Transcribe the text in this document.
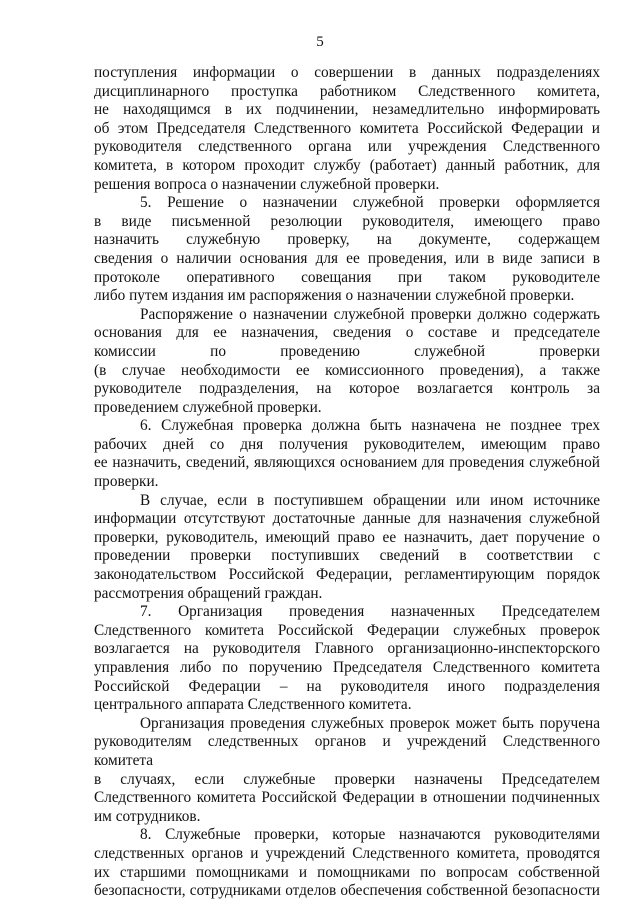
5

поступления информации о совершении в данных подразделениях
дисциплинарного проступка работником Следственного комитета,
не находящимся в их подчинении, незамедлительно информировать
об этом Председателя Следственного комитета Российской Федерации и
руководителя следственного органа или учреждения Следственного
комитета, в котором проходит службу (работает) данный работник, для
решения вопроса о назначении служебной проверки.

5. Решение о назначении служебной проверки оформляется
в виде письменной резолюции руководителя, имеющего право
назначить служебную проверку, на документе, содержащем
сведения о наличии основания для ее проведения, или в виде записи в
протоколе оперативного совещания при таком руководителе
либо путем издания им распоряжения о назначении служебной проверки.

Распоряжение о назначении служебной проверки должно содержать
основания для ее назначения, сведения о составе и председателе
комиссии по проведению служебной проверки
(в случае необходимости ее комиссионного проведения), а также
руководителе подразделения, на которое возлагается контроль за
проведением служебной проверки.

6. Служебная проверка должна быть назначена не позднее трех
рабочих дней со дня получения руководителем, имеющим право
ее назначить, сведений, являющихся основанием для проведения служебной
проверки.

В случае, если в поступившем обращении или ином источнике
информации отсутствуют достаточные данные для назначения служебной
проверки, руководитель, имеющий право ее назначить, дает поручение о
проведении проверки поступивших сведений в соответствии с
законодательством Российской Федерации, регламентирующим порядок
рассмотрения обращений граждан.

7. Организация проведения назначенных Председателем
Следственного комитета Российской Федерации служебных проверок
возлагается на руководителя Главного организационно-инспекторского
управления либо по поручению Председателя Следственного комитета
Российской Федерации – на руководителя иного подразделения
центрального аппарата Следственного комитета.

Организация проведения служебных проверок может быть поручена
руководителям следственных органов и учреждений Следственного комитета
в случаях, если служебные проверки назначены Председателем
Следственного комитета Российской Федерации в отношении подчиненных
им сотрудников.

8. Служебные проверки, которые назначаются руководителями
следственных органов и учреждений Следственного комитета, проводятся
их старшими помощниками и помощниками по вопросам собственной
безопасности, сотрудниками отделов обеспечения собственной безопасности
